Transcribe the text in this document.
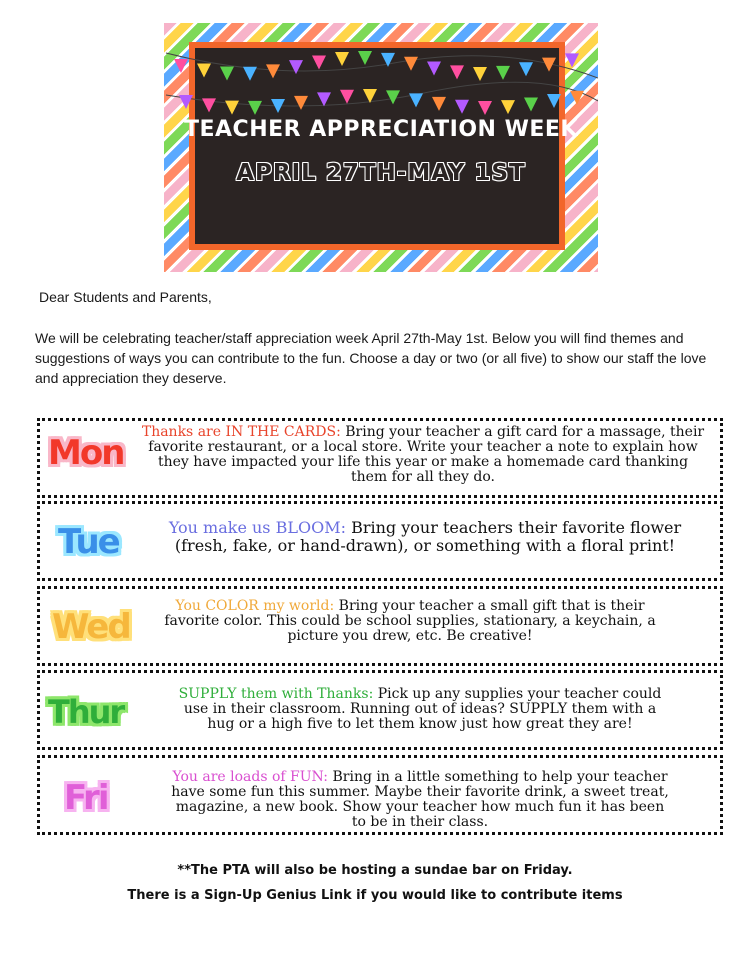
TEACHER APPRECIATION WEEK
APRIL 27TH-MAY 1ST
Dear Students and Parents,
We will be celebrating teacher/staff appreciation week April 27th-May 1st. Below you will find themes and suggestions of ways you can contribute to the fun. Choose a day or two (or all five) to show our staff the love and appreciation they deserve.
Mon
Thanks are IN THE CARDS: Bring your teacher a gift card for a massage, their favorite restaurant, or a local store. Write your teacher a note to explain how they have impacted your life this year or make a homemade card thanking them for all they do.
Tue	You make us BLOOM: Bring your teachers their favorite flower (fresh, fake, or hand-drawn), or something with a floral print!
Wed
You COLOR my world: Bring your teacher a small gift that is their favorite color. This could be school supplies, stationary, a keychain, a picture you drew, etc. Be creative!
Thur	SUPPLY them with Thanks: Pick up any supplies your teacher could use in their classroom. Running out of ideas? SUPPLY them with a hug or a high five to let them know just how great they are!
Fri
You are loads of FUN: Bring in a little something to help your teacher have some fun this summer. Maybe their favorite drink, a sweet treat, magazine, a new book. Show your teacher how much fun it has been to be in their class.
**The PTA will also be hosting a sundae bar on Friday.
There is a Sign-Up Genius Link if you would like to contribute items
